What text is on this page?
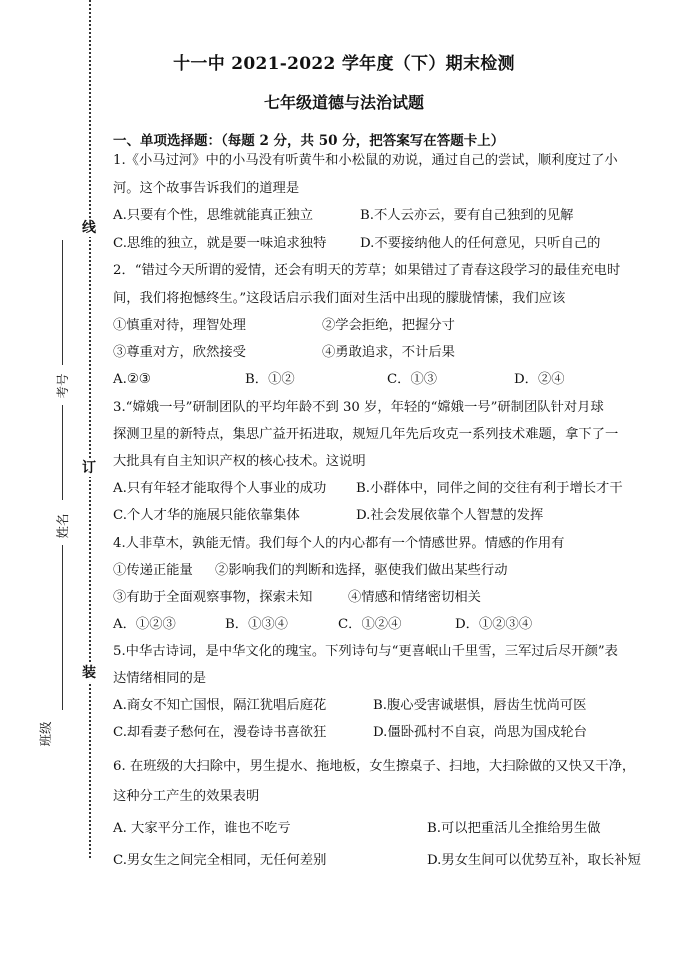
线
订
装
考号
姓名
班级
十一中 2021-2022 学年度（下）期末检测
七年级道德与法治试题
一、单项选择题：（每题 2 分，共 50 分，把答案写在答题卡上）
1.《小马过河》中的小马没有听黄牛和小松鼠的劝说，通过自己的尝试，顺利度过了小
河。这个故事告诉我们的道理是
A.只要有个性，思维就能真正独立	B.不人云亦云，要有自己独到的见解
C.思维的独立，就是要一味追求独特	D.不要接纳他人的任何意见，只听自己的
2．“错过今天所谓的爱情，还会有明天的芳草；如果错过了青春这段学习的最佳充电时
间，我们将抱憾终生。”这段话启示我们面对生活中出现的朦胧情愫，我们应该
①慎重对待，理智处理	②学会拒绝，把握分寸
③尊重对方，欣然接受	④勇敢追求，不计后果
A.②③	B．①②	C．①③	D．②④
3.“嫦娥一号”研制团队的平均年龄不到 30 岁，年轻的“嫦娥一号”研制团队针对月球
探测卫星的新特点，集思广益开拓进取，规短几年先后攻克一系列技术难题，拿下了一
大批具有自主知识产权的核心技术。这说明
A.只有年轻才能取得个人事业的成功 B.小群体中，同伴之间的交往有利于增长才干
C.个人才华的施展只能依靠集体	D.社会发展依靠个人智慧的发挥
4.人非草木，孰能无情。我们每个人的内心都有一个情感世界。情感的作用有
①传递正能量 ②影响我们的判断和选择，驱使我们做出某些行动
③有助于全面观察事物，探索未知	④情感和情绪密切相关
A．①②③	B．①③④	C．①②④	D．①②③④
5.中华古诗词，是中华文化的瑰宝。下列诗句与“更喜岷山千里雪，三军过后尽开颜”表
达情绪相同的是
A.商女不知亡国恨，隔江犹唱后庭花	B.腹心受害诚堪惧，唇齿生忧尚可医
C.却看妻子愁何在，漫卷诗书喜欲狂	D.僵卧孤村不自哀，尚思为国戍轮台
6. 在班级的大扫除中，男生提水、拖地板，女生擦桌子、扫地，大扫除做的又快又干净，
这种分工产生的效果表明
A. 大家平分工作，谁也不吃亏	B.可以把重活儿全推给男生做
C.男女生之间完全相同，无任何差别	D.男女生间可以优势互补，取长补短
